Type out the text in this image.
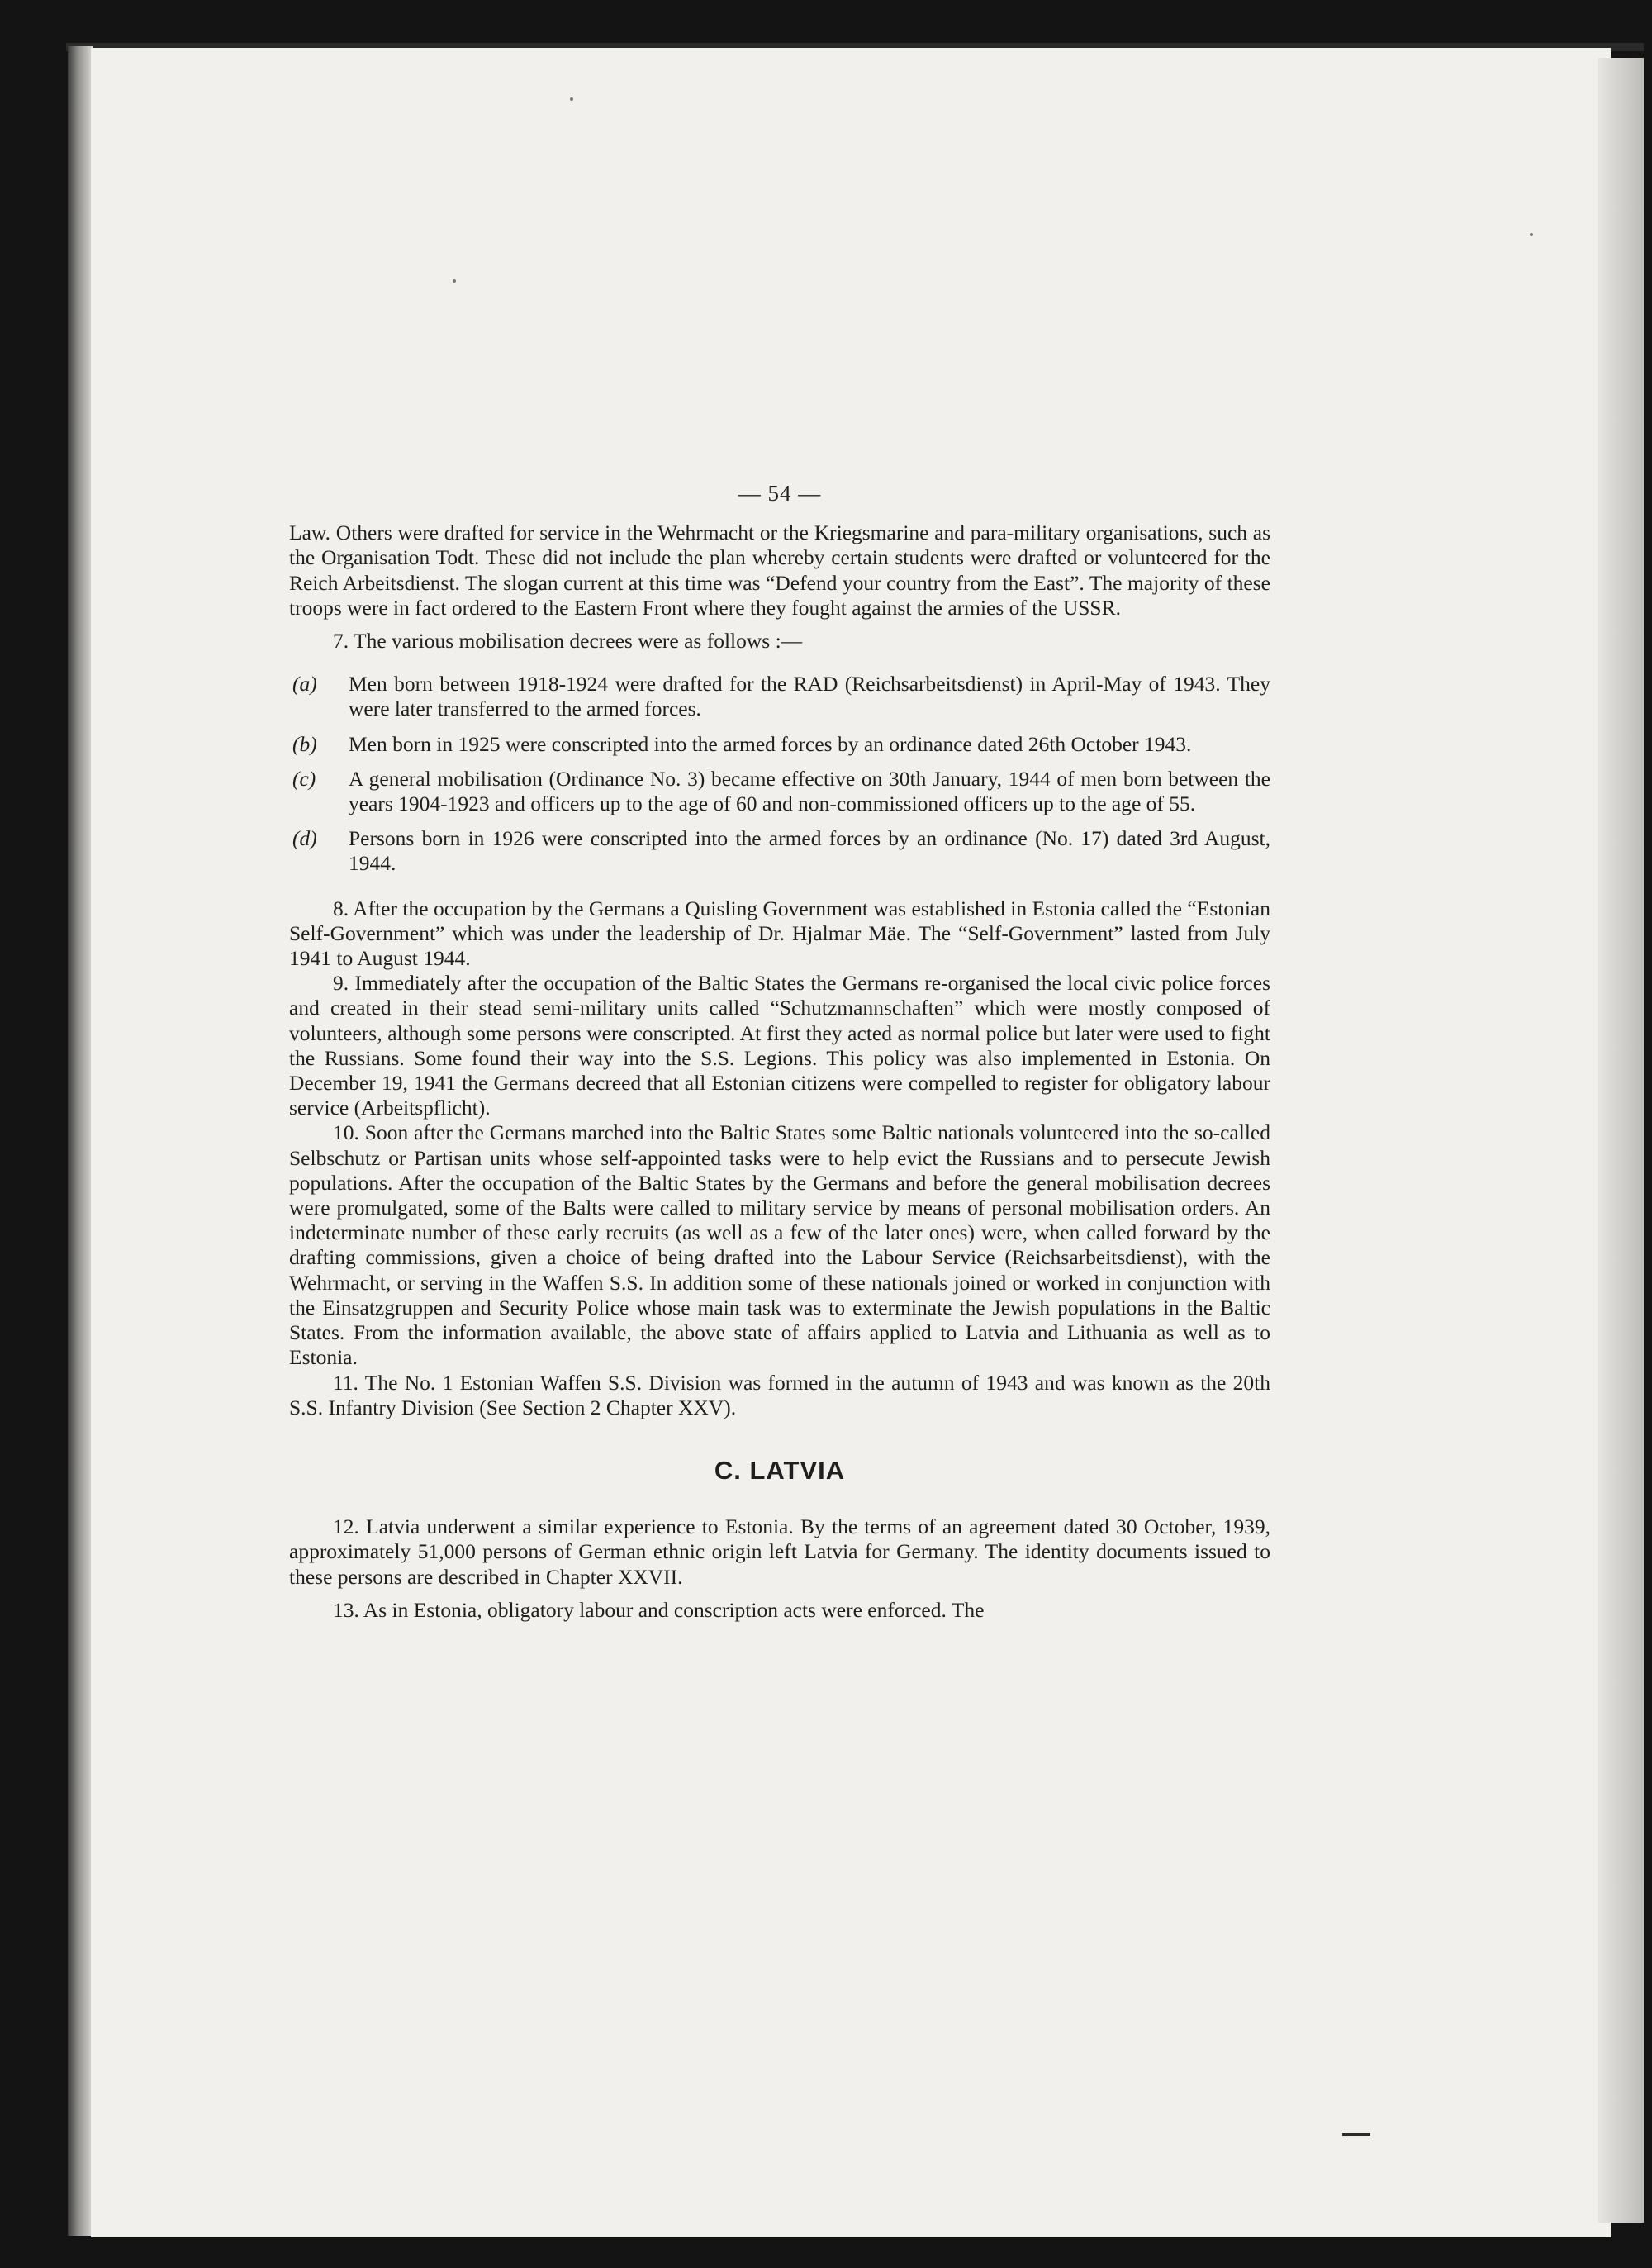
— 54 —

Law. Others were drafted for service in the Wehrmacht or the Kriegsmarine and para-military organisations, such as the Organisation Todt. These did not include the plan whereby certain students were drafted or volunteered for the Reich Arbeitsdienst. The slogan current at this time was “Defend your country from the East”. The majority of these troops were in fact ordered to the Eastern Front where they fought against the armies of the USSR.

7. The various mobilisation decrees were as follows :—

(a)	Men born between 1918-1924 were drafted for the RAD (Reichsarbeitsdienst) in April-May of 1943. They were later transferred to the armed forces.
(b)	Men born in 1925 were conscripted into the armed forces by an ordinance dated 26th October 1943.
(c)	A general mobilisation (Ordinance No. 3) became effective on 30th January, 1944 of men born between the years 1904-1923 and officers up to the age of 60 and non-commissioned officers up to the age of 55.
(d)	Persons born in 1926 were conscripted into the armed forces by an ordinance (No. 17) dated 3rd August, 1944.

8. After the occupation by the Germans a Quisling Government was established in Estonia called the “Estonian Self-Government” which was under the leadership of Dr. Hjalmar Mäe. The “Self-Government” lasted from July 1941 to August 1944.

9. Immediately after the occupation of the Baltic States the Germans re-organised the local civic police forces and created in their stead semi-military units called “Schutzmannschaften” which were mostly composed of volunteers, although some persons were conscripted. At first they acted as normal police but later were used to fight the Russians. Some found their way into the S.S. Legions. This policy was also implemented in Estonia. On December 19, 1941 the Germans decreed that all Estonian citizens were compelled to register for obligatory labour service (Arbeitspflicht).

10. Soon after the Germans marched into the Baltic States some Baltic nationals volunteered into the so-called Selbschutz or Partisan units whose self-appointed tasks were to help evict the Russians and to persecute Jewish populations. After the occupation of the Baltic States by the Germans and before the general mobilisation decrees were promulgated, some of the Balts were called to military service by means of personal mobilisation orders. An indeterminate number of these early recruits (as well as a few of the later ones) were, when called forward by the drafting commissions, given a choice of being drafted into the Labour Service (Reichsarbeitsdienst), with the Wehrmacht, or serving in the Waffen S.S. In addition some of these nationals joined or worked in conjunction with the Einsatzgruppen and Security Police whose main task was to exterminate the Jewish populations in the Baltic States. From the information available, the above state of affairs applied to Latvia and Lithuania as well as to Estonia.

11. The No. 1 Estonian Waffen S.S. Division was formed in the autumn of 1943 and was known as the 20th S.S. Infantry Division (See Section 2 Chapter XXV).

C. LATVIA

12. Latvia underwent a similar experience to Estonia. By the terms of an agreement dated 30 October, 1939, approximately 51,000 persons of German ethnic origin left Latvia for Germany. The identity documents issued to these persons are described in Chapter XXVII.

13. As in Estonia, obligatory labour and conscription acts were enforced. The
